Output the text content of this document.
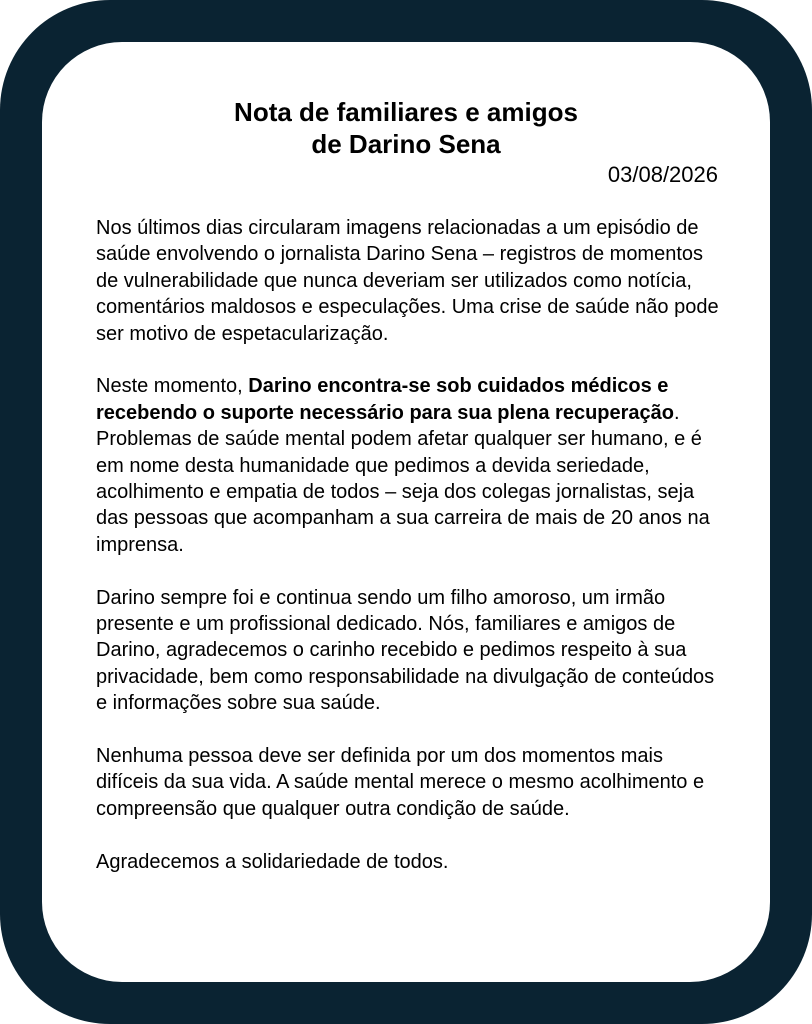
Nota de familiares e amigos
de Darino Sena
03/08/2026

Nos últimos dias circularam imagens relacionadas a um episódio de saúde envolvendo o jornalista Darino Sena – registros de momentos de vulnerabilidade que nunca deveriam ser utilizados como notícia, comentários maldosos e especulações. Uma crise de saúde não pode ser motivo de espetacularização.

Neste momento, Darino encontra-se sob cuidados médicos e recebendo o suporte necessário para sua plena recuperação. Problemas de saúde mental podem afetar qualquer ser humano, e é em nome desta humanidade que pedimos a devida seriedade, acolhimento e empatia de todos – seja dos colegas jornalistas, seja das pessoas que acompanham a sua carreira de mais de 20 anos na imprensa.

Darino sempre foi e continua sendo um filho amoroso, um irmão presente e um profissional dedicado. Nós, familiares e amigos de Darino, agradecemos o carinho recebido e pedimos respeito à sua privacidade, bem como responsabilidade na divulgação de conteúdos e informações sobre sua saúde.

Nenhuma pessoa deve ser definida por um dos momentos mais difíceis da sua vida. A saúde mental merece o mesmo acolhimento e compreensão que qualquer outra condição de saúde.

Agradecemos a solidariedade de todos.
